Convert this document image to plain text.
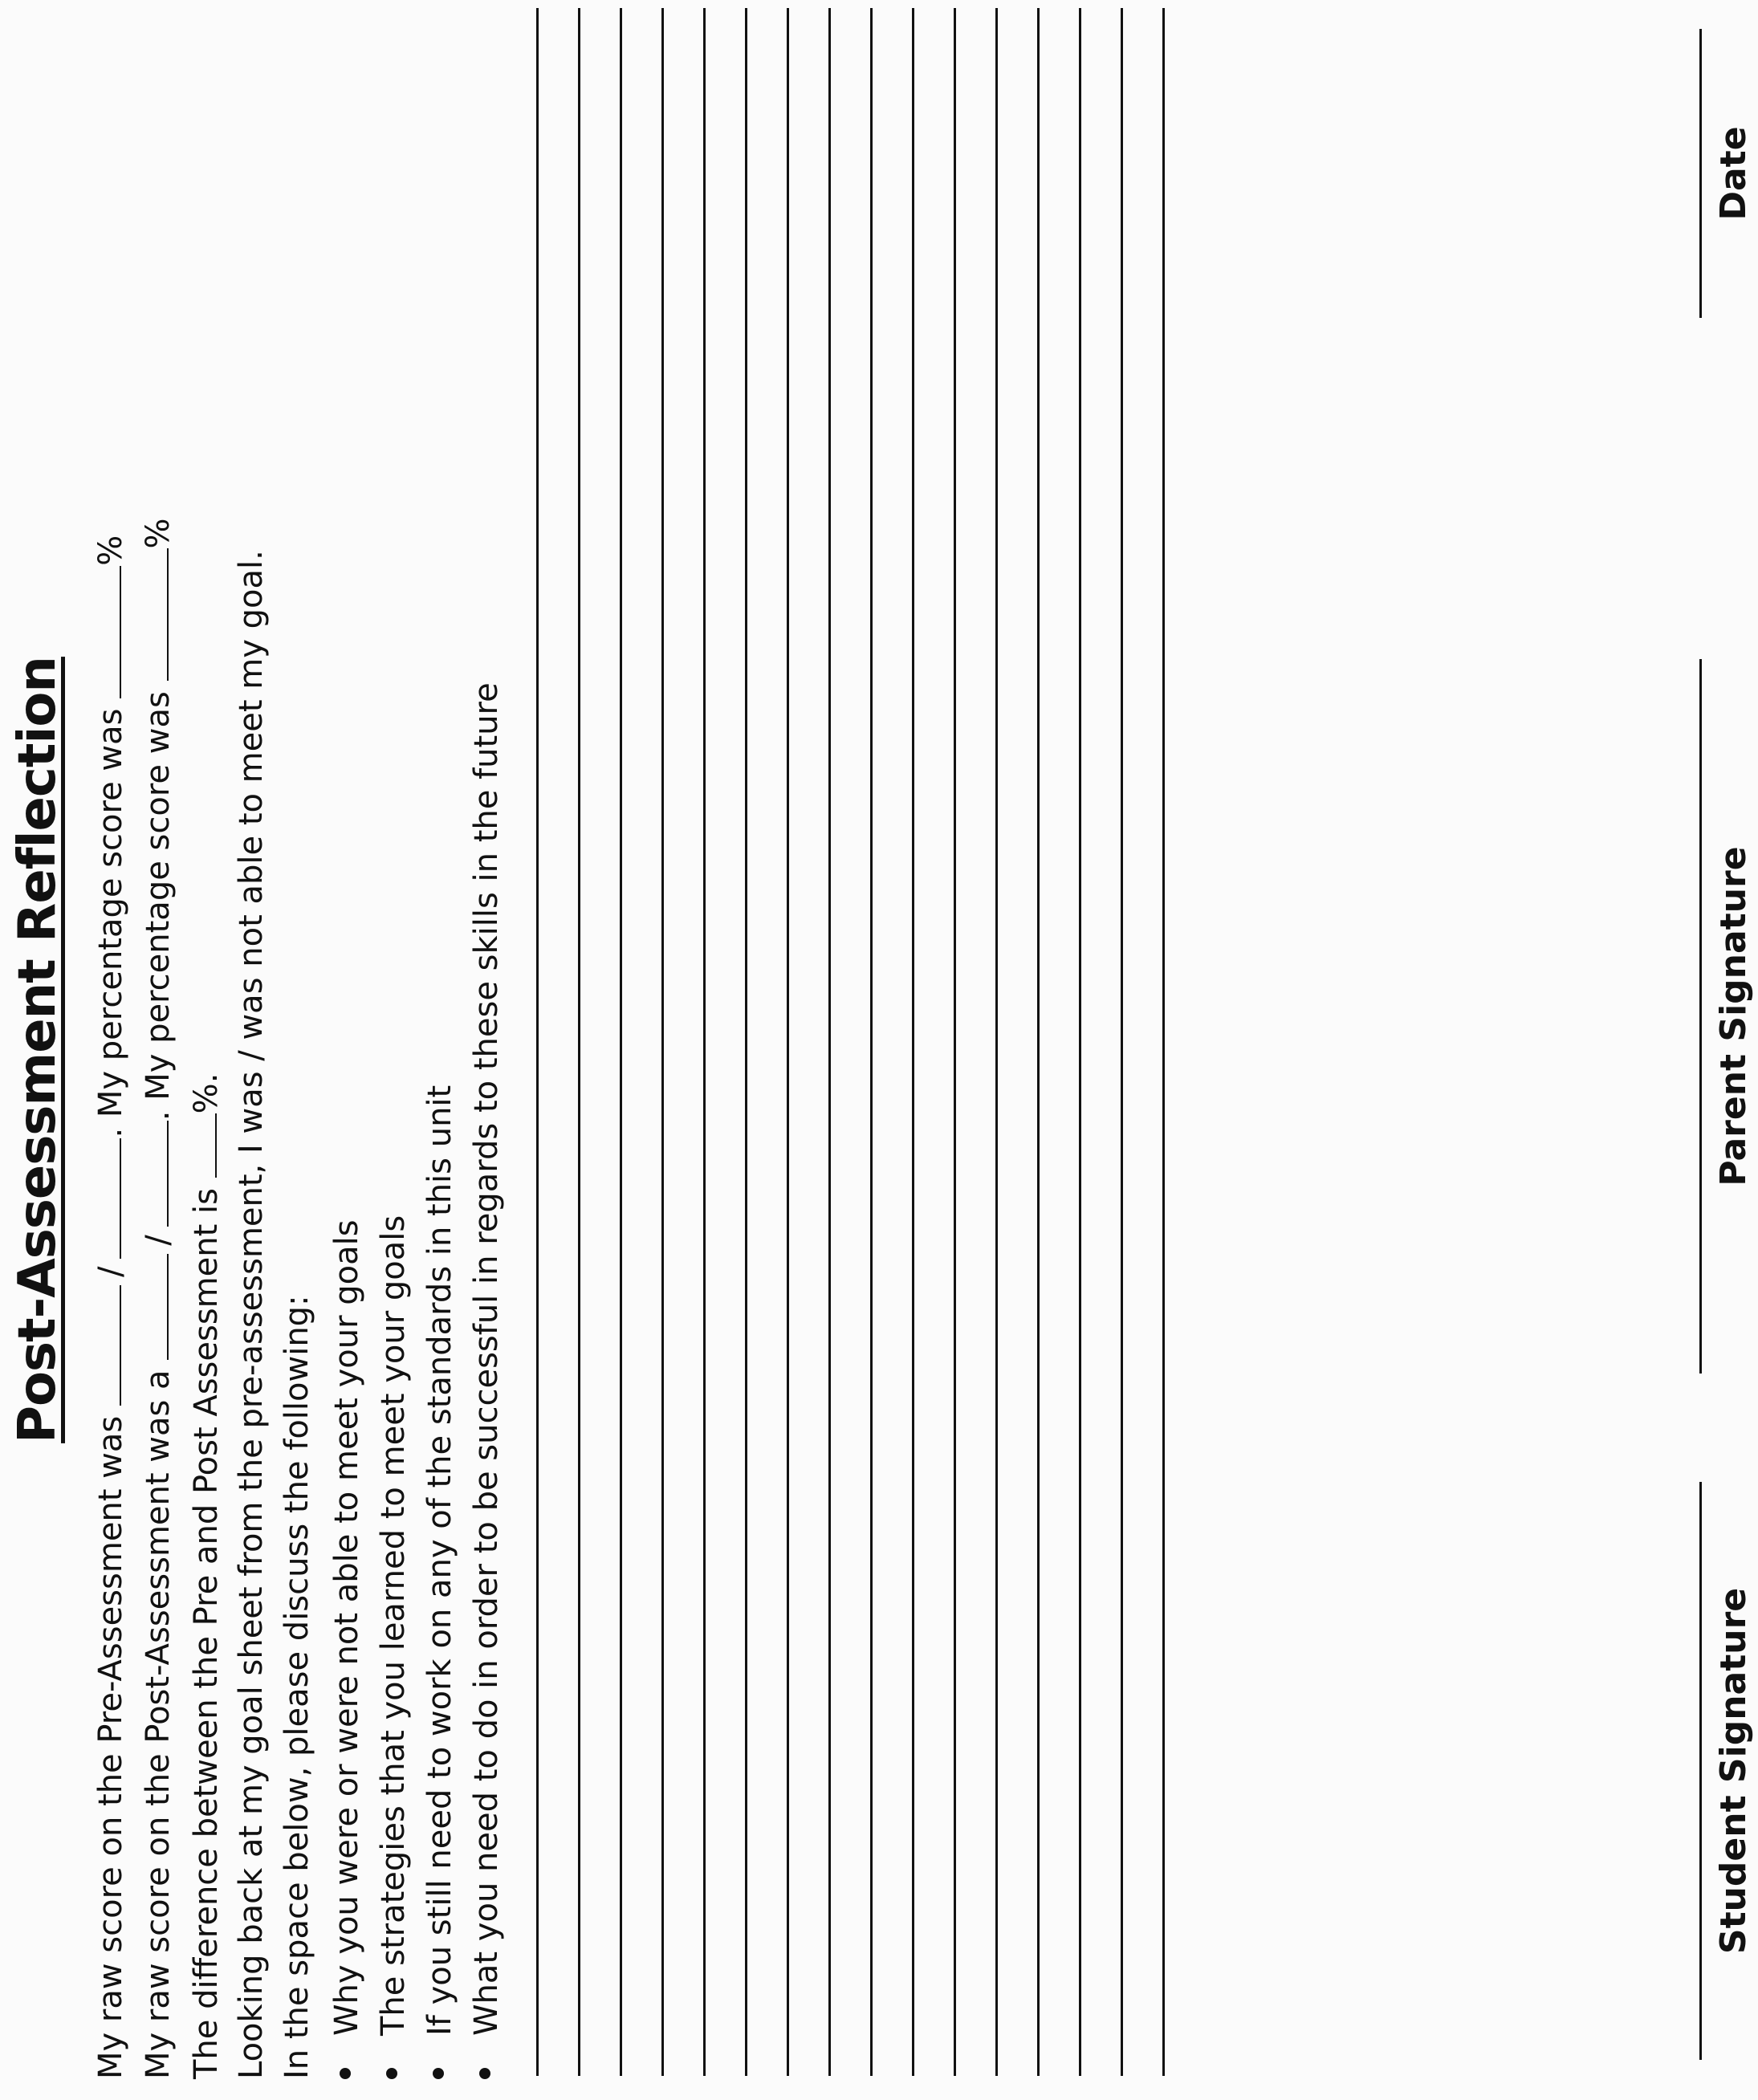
Post-Assessment Reflection
My raw score on the Pre-Assessment was /. My percentage score was %
My raw score on the Post-Assessment was a /. My percentage score was %
The difference between the Pre and Post Assessment is %. Looking back at my goal sheet from the pre-assessment, I was / was not able to meet my goal. In the space below, please discuss the following: Why you were or were not able to meet your goals The strategies that you learned to meet your goals If you still need to work on any of the standards in this unit What you need to do in order to be successful in regards to these skills in the future	Student Signature
Parent Signature
Date
